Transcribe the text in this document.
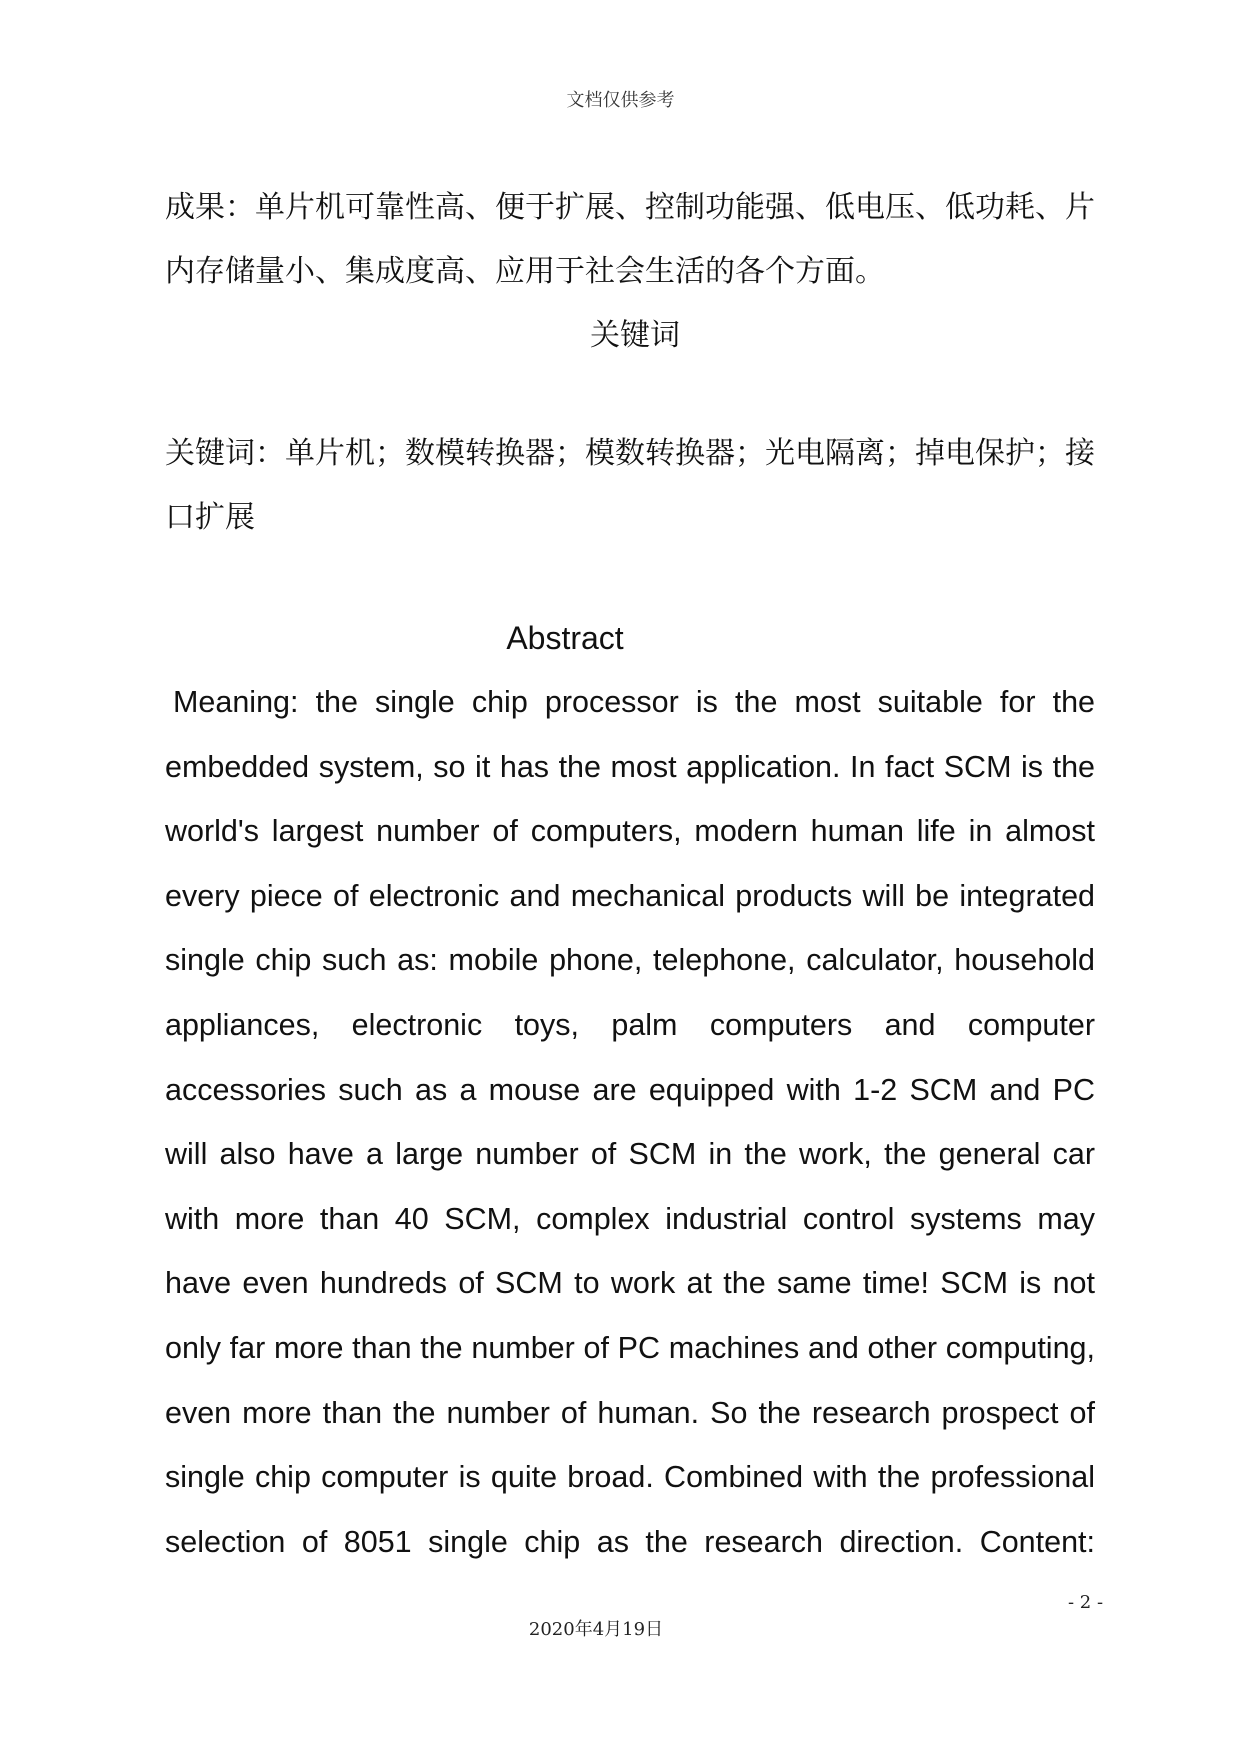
文档仅供参考

成果：单片机可靠性高、便于扩展、控制功能强、低电压、低功耗、片内存储量小、集成度高、应用于社会生活的各个方面。

关键词

关键词：单片机；数模转换器；模数转换器；光电隔离；掉电保护；接口扩展

Abstract

Meaning: the single chip processor is the most suitable for the embedded system, so it has the most application. In fact SCM is the world's largest number of computers, modern human life in almost every piece of electronic and mechanical products will be integrated single chip such as: mobile phone, telephone, calculator, household appliances, electronic toys, palm computers and computer accessories such as a mouse are equipped with 1-2 SCM and PC will also have a large number of SCM in the work, the general car with more than 40 SCM, complex industrial control systems may have even hundreds of SCM to work at the same time! SCM is not only far more than the number of PC machines and other computing, even more than the number of human. So the research prospect of single chip computer is quite broad. Combined with the professional selection of 8051 single chip as the research direction. Content:

- 2 -
2020年4月19日
